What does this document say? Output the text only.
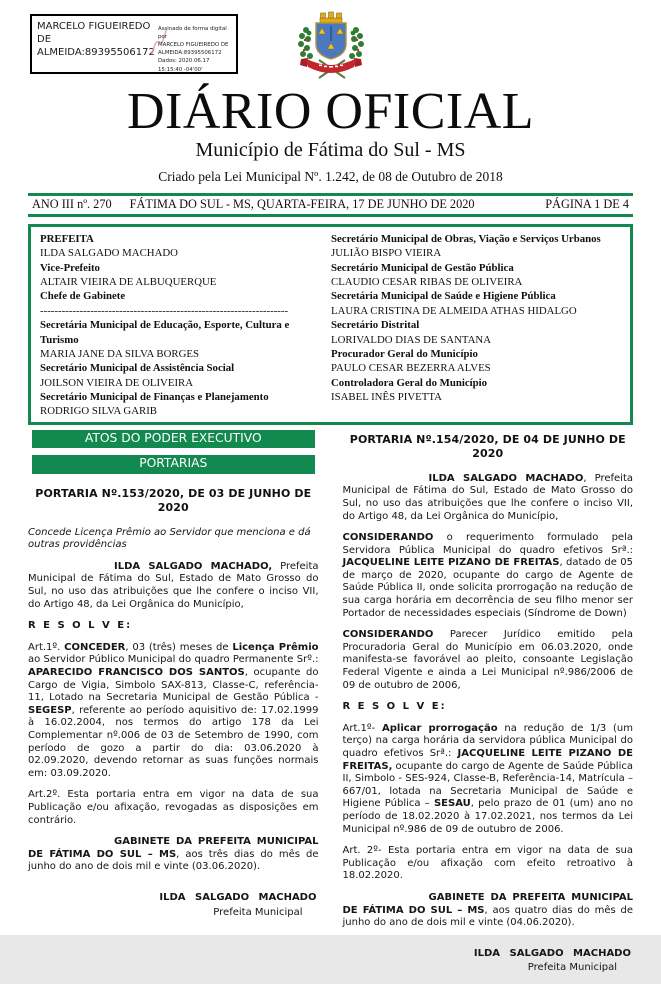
MARCELO FIGUEIREDO
DE
ALMEIDA:89395506172
Assinado de forma digital por
MARCELO FIGUEIREDO DE
ALMEIDA:89395506172
Dados: 2020.06.17 15:15:40 -04'00'
DIÁRIO OFICIAL
Município de Fátima do Sul - MS
Criado pela Lei Municipal Nº. 1.242, de 08 de Outubro de 2018
ANO III nº. 270 FÁTIMA DO SUL - MS, QUARTA-FEIRA, 17 DE JUNHO DE 2020	PÁGINA 1 DE 4
PREFEITA
ILDA SALGADO MACHADO
Vice-Prefeito
ALTAIR VIEIRA DE ALBUQUERQUE
Chefe de Gabinete
---------------------------------------------------------------------
Secretária Municipal de Educação, Esporte, Cultura e Turismo
MARIA JANE DA SILVA BORGES
Secretário Municipal de Assistência Social
JOILSON VIEIRA DE OLIVEIRA
Secretário Municipal de Finanças e Planejamento
RODRIGO SILVA GARIB
Secretário Municipal de Obras, Viação e Serviços Urbanos
JULIÃO BISPO VIEIRA
Secretário Municipal de Gestão Pública
CLAUDIO CESAR RIBAS DE OLIVEIRA
Secretária Municipal de Saúde e Higiene Pública
LAURA CRISTINA DE ALMEIDA ATHAS HIDALGO
Secretário Distrital
LORIVALDO DIAS DE SANTANA
Procurador Geral do Município
PAULO CESAR BEZERRA ALVES
Controladora Geral do Município
ISABEL INÊS PIVETTA
ATOS DO PODER EXECUTIVO
PORTARIAS
PORTARIA Nº.153/2020, DE 03 DE JUNHO DE 2020

Concede Licença Prêmio ao Servidor que menciona e dá outras providências

ILDA SALGADO MACHADO, Prefeita Municipal de Fátima do Sul, Estado de Mato Grosso do Sul, no uso das atribuições que lhe confere o inciso VII, do Artigo 48, da Lei Orgânica do Município,

R E S O L V E:

Art.1º. CONCEDER, 03 (três) meses de Licença Prêmio ao Servidor Público Municipal do quadro Permanente Srº.: APARECIDO FRANCISCO DOS SANTOS, ocupante do Cargo de Vigia, Simbolo SAX-813, Classe-C, referência-11, Lotado na Secretaria Municipal de Gestão Pública - SEGESP, referente ao período aquisitivo de: 17.02.1999 à 16.02.2004, nos termos do artigo 178 da Lei Complementar nº.006 de 03 de Setembro de 1990, com período de gozo a partir do dia: 03.06.2020 à 02.09.2020, devendo retornar as suas funções normais em: 03.09.2020.

Art.2º. Esta portaria entra em vigor na data de sua Publicação e/ou afixação, revogadas as disposições em contrário.

GABINETE DA PREFEITA MUNICIPAL DE FÁTIMA DO SUL – MS, aos três dias do mês de junho do ano de dois mil e vinte (03.06.2020).

ILDA SALGADO MACHADO
Prefeita Municipal
PORTARIA Nº.154/2020, DE 04 DE JUNHO DE 2020

ILDA SALGADO MACHADO, Prefeita Municipal de Fátima do Sul, Estado de Mato Grosso do Sul, no uso das atribuições que lhe confere o inciso VII, do Artigo 48, da Lei Orgânica do Município,

CONSIDERANDO o requerimento formulado pela Servidora Pública Municipal do quadro efetivos Srª.: JACQUELINE LEITE PIZANO DE FREITAS, datado de 05 de março de 2020, ocupante do cargo de Agente de Saúde Pública II, onde solicita prorrogação na redução de sua carga horária em decorrência de seu filho menor ser Portador de necessidades especiais (Síndrome de Down)

CONSIDERANDO Parecer Jurídico emitido pela Procuradoria Geral do Município em 06.03.2020, onde manifesta-se favorável ao pleito, consoante Legislação Federal Vigente e ainda a Lei Municipal nº.986/2006 de 09 de outubro de 2006,

R E S O L V E:

Art.1º- Aplicar prorrogação na redução de 1/3 (um terço) na carga horária da servidora pública Municipal do quadro efetivos Srª.: JACQUELINE LEITE PIZANO DE FREITAS, ocupante do cargo de Agente de Saúde Pública II, Simbolo - SES-924, Classe-B, Referência-14, Matrícula – 667/01, lotada na Secretaria Municipal de Saúde e Higiene Pública – SESAU, pelo prazo de 01 (um) ano no período de 18.02.2020 à 17.02.2021, nos termos da Lei Municipal nº.986 de 09 de outubro de 2006.

Art. 2º- Esta portaria entra em vigor na data de sua Publicação e/ou afixação com efeito retroativo à 18.02.2020.

GABINETE DA PREFEITA MUNICIPAL DE FÁTIMA DO SUL – MS, aos quatro dias do mês de junho do ano de dois mil e vinte (04.06.2020).

ILDA SALGADO MACHADO
Prefeita Municipal
